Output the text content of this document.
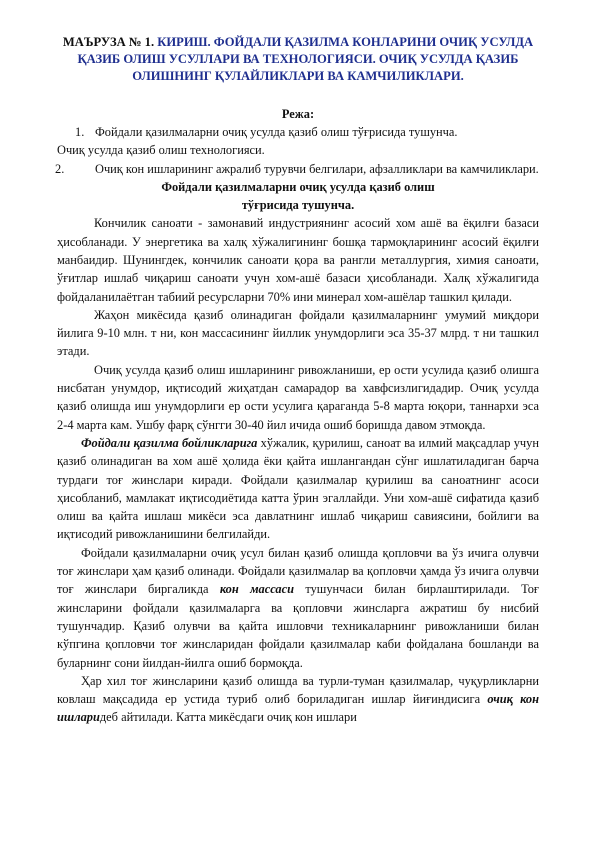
МАЪРУЗА № 1. КИРИШ. ФОЙДАЛИ ҚАЗИЛМА КОНЛАРИНИ ОЧИҚ УСУЛДА ҚАЗИБ ОЛИШ УСУЛЛАРИ ВА ТЕХНОЛОГИЯСИ. ОЧИҚ УСУЛДА ҚАЗИБ ОЛИШНИНГ ҚУЛАЙЛИКЛАРИ ВА КАМЧИЛИКЛАРИ.
Режа:
1. Фойдали қазилмаларни очиқ усулда қазиб олиш тўғрисида тушунча.
Очиқ усулда қазиб олиш технологияси.
2. Очиқ кон ишларининг ажралиб турувчи белгилари, афзалликлари ва камчиликлари.
Фойдали қазилмаларни очиқ усулда қазиб олиш
тўғрисида тушунча.

Кончилик саноати - замонавий индустриянинг асосий хом ашё ва ёқилғи базаси ҳисобланади. У энергетика ва халқ хўжалигининг бошқа тармоқларининг асосий ёқилғи манбаидир. Шунингдек, кончилик саноати қора ва рангли металлургия, химия саноати, ўғитлар ишлаб чиқариш саноати учун хом-ашё базаси ҳисобланади. Халқ хўжалигида фойдаланилаётган табиий ресурсларни 70% ини минерал хом-ашёлар ташкил қилади.

Жаҳон микёсида қазиб олинадиган фойдали қазилмаларнинг умумий миқдори йилига 9-10 млн. т ни, кон массасининг йиллик унумдорлиги эса 35-37 млрд. т ни ташкил этади.

Очиқ усулда қазиб олиш ишларининг ривожланиши, ер ости усулида қазиб олишга нисбатан унумдор, иқтисодий жиҳатдан самарадор ва хавфсизлигидадир. Очиқ усулда қазиб олишда иш унумдорлиги ер ости усулига қараганда 5-8 марта юқори, таннархи эса 2-4 марта кам. Ушбу фарқ сўнгги 30-40 йил ичида ошиб боришда давом этмоқда.

Фойдали қазилма бойликларига хўжалик, қурилиш, саноат ва илмий мақсадлар учун қазиб олинадиган ва хом ашё ҳолида ёки қайта ишлангандан сўнг ишлатиладиган барча турдаги тоғ жинслари киради. Фойдали қазилмалар қурилиш ва саноатнинг асоси ҳисобланиб, мамлакат иқтисодиётида катта ўрин эгаллайди. Уни хом-ашё сифатида қазиб олиш ва қайта ишлаш микёси эса давлатнинг ишлаб чиқариш савиясини, бойлиги ва иқтисодий ривожланишини белгилайди.

Фойдали қазилмаларни очиқ усул билан қазиб олишда қопловчи ва ўз ичига олувчи тоғ жинслари ҳам қазиб олинади. Фойдали қазилмалар ва қопловчи ҳамда ўз ичига олувчи тоғ жинслари биргаликда кон массаси тушунчаси билан бирлаштирилади. Тоғ жинсларини фойдали қазилмаларга ва қопловчи жинсларга ажратиш бу нисбий тушунчадир. Қазиб олувчи ва қайта ишловчи техникаларнинг ривожланиши билан кўпгина қопловчи тоғ жинсларидан фойдали қазилмалар каби фойдалана бошланди ва буларнинг сони йилдан-йилга ошиб бормоқда.

Ҳар хил тоғ жинсларини қазиб олишда ва турли-туман қазилмалар, чуқурликларни ковлаш мақсадида ер устида туриб олиб бориладиган ишлар йиғиндисига очиқ кон ишларидеб айтилади. Катта микёсдаги очиқ кон ишлари
